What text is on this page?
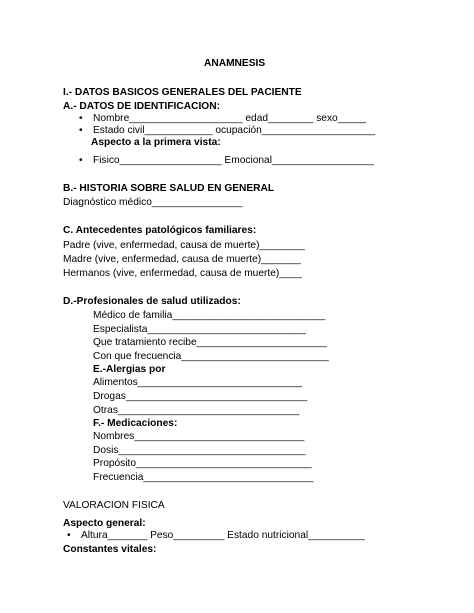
ANAMNESIS
I.- DATOS BASICOS GENERALES DEL PACIENTE
A.- DATOS DE IDENTIFICACION:
• Nombre____________________ edad________ sexo_____
• Estado civil____________ ocupación____________________
Aspecto a la primera vista:
• Fisico__________________ Emocional__________________
B.- HISTORIA SOBRE SALUD EN GENERAL
Diagnóstico médico________________
C. Antecedentes patológicos familiares:
Padre (vive, enfermedad, causa de muerte)________
Madre (vive, enfermedad, causa de muerte)_______
Hermanos (vive, enfermedad, causa de muerte)____
D.-Profesionales de salud utilizados:
Médico de familia___________________________
Especialista____________________________
Que tratamiento recibe_______________________
Con que frecuencia__________________________
E.-Alergias por
Alimentos_____________________________
Drogas________________________________
Otras________________________________
F.- Medicaciones:
Nombres______________________________
Dosis_________________________________
Propósito_______________________________
Frecuencia______________________________
VALORACION FISICA
Aspecto general:
• Altura_______ Peso_________ Estado nutricional__________
Constantes vitales:
